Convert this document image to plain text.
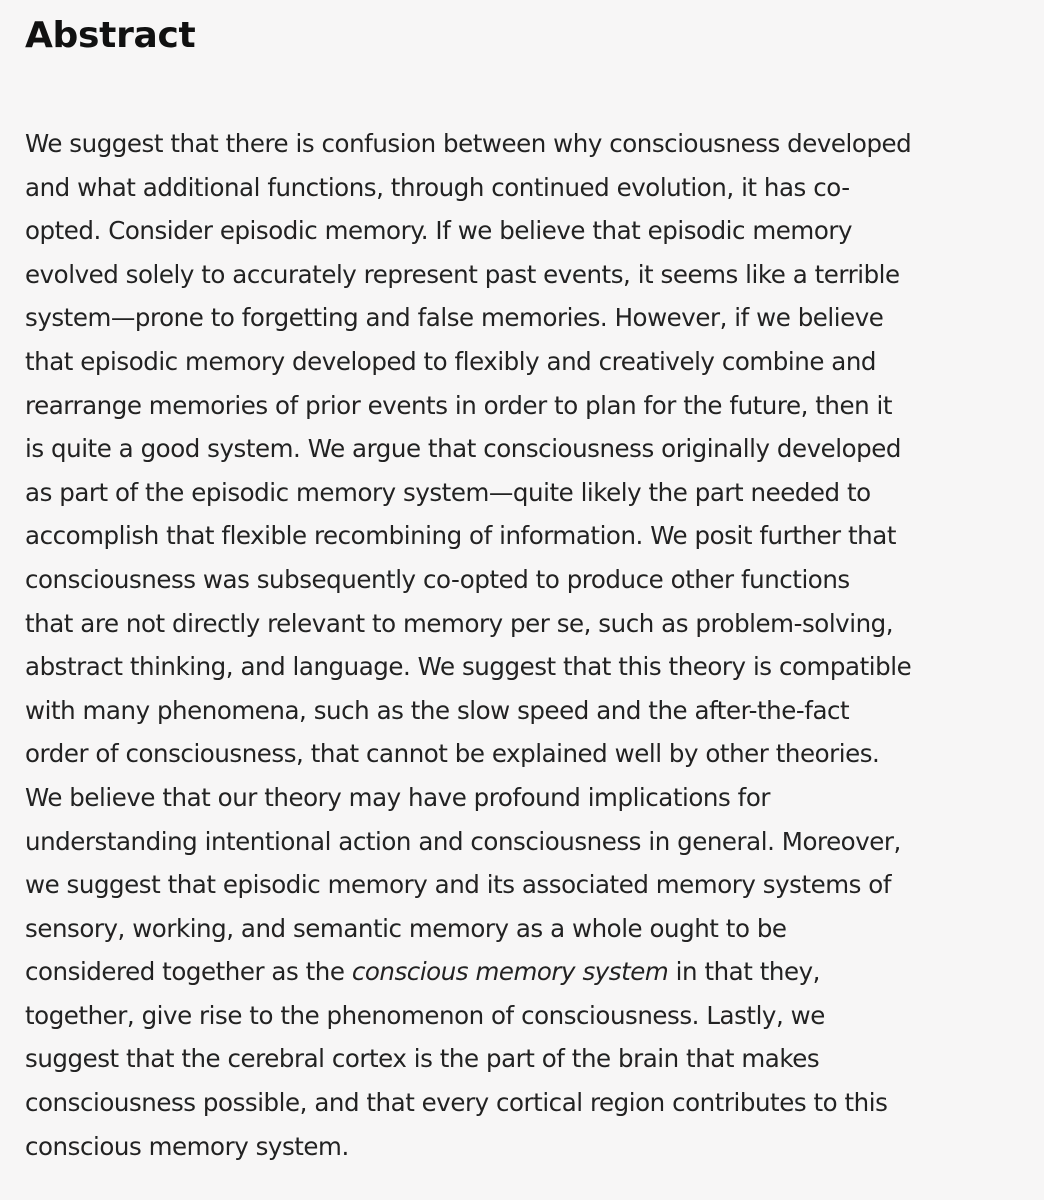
Abstract

We suggest that there is confusion between why consciousness developed
and what additional functions, through continued evolution, it has co-
opted. Consider episodic memory. If we believe that episodic memory
evolved solely to accurately represent past events, it seems like a terrible
system—prone to forgetting and false memories. However, if we believe
that episodic memory developed to flexibly and creatively combine and
rearrange memories of prior events in order to plan for the future, then it
is quite a good system. We argue that consciousness originally developed
as part of the episodic memory system—quite likely the part needed to
accomplish that flexible recombining of information. We posit further that
consciousness was subsequently co-opted to produce other functions
that are not directly relevant to memory per se, such as problem-solving,
abstract thinking, and language. We suggest that this theory is compatible
with many phenomena, such as the slow speed and the after-the-fact
order of consciousness, that cannot be explained well by other theories.
We believe that our theory may have profound implications for
understanding intentional action and consciousness in general. Moreover,
we suggest that episodic memory and its associated memory systems of
sensory, working, and semantic memory as a whole ought to be
considered together as the conscious memory system in that they,
together, give rise to the phenomenon of consciousness. Lastly, we
suggest that the cerebral cortex is the part of the brain that makes
consciousness possible, and that every cortical region contributes to this
conscious memory system.
